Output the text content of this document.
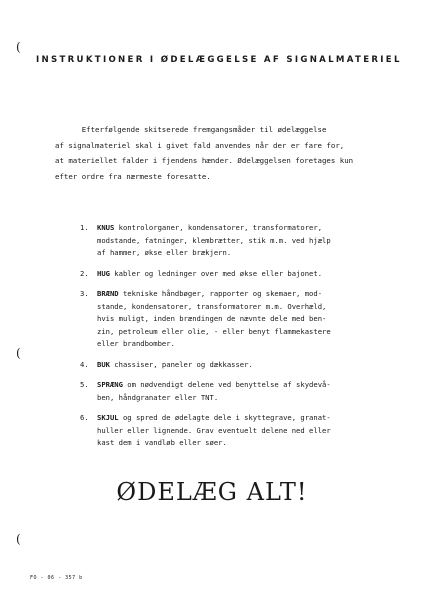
INSTRUKTIONER I ØDELÆGGELSE AF SIGNALMATERIEL
Efterfølgende skitserede fremgangsmåder til ødelæggelse
af signalmateriel skal i givet fald anvendes når der er fare for,
at materiellet falder i fjendens hænder. Ødelæggelsen foretages kun
efter ordre fra nærmeste foresatte.
1. KNUS kontrolorganer, kondensatorer, transformatorer,
modstande, fatninger, klembrætter, stik m.m. ved hjælp
af hammer, økse eller brækjern.
2. HUG kabler og ledninger over med økse eller bajonet.
3. BRÆND tekniske håndbøger, rapporter og skemaer, mod-
stande, kondensatorer, transformatorer m.m. Overhæld,
hvis muligt, inden brændingen de nævnte dele med ben-
zin, petroleum eller olie, - eller benyt flammekastere
eller brandbomber.
4. BUK chassiser, paneler og dækkasser.
5. SPRÆNG om nødvendigt delene ved benyttelse af skydevå-
ben, håndgranater eller TNT.
6. SKJUL og spred de ødelagte dele i skyttegrave, granat-
huller eller lignende. Grav eventuelt delene ned eller
kast dem i vandløb eller søer.
ØDELÆG ALT!
FO - 06 - 357 b
(
(
(
